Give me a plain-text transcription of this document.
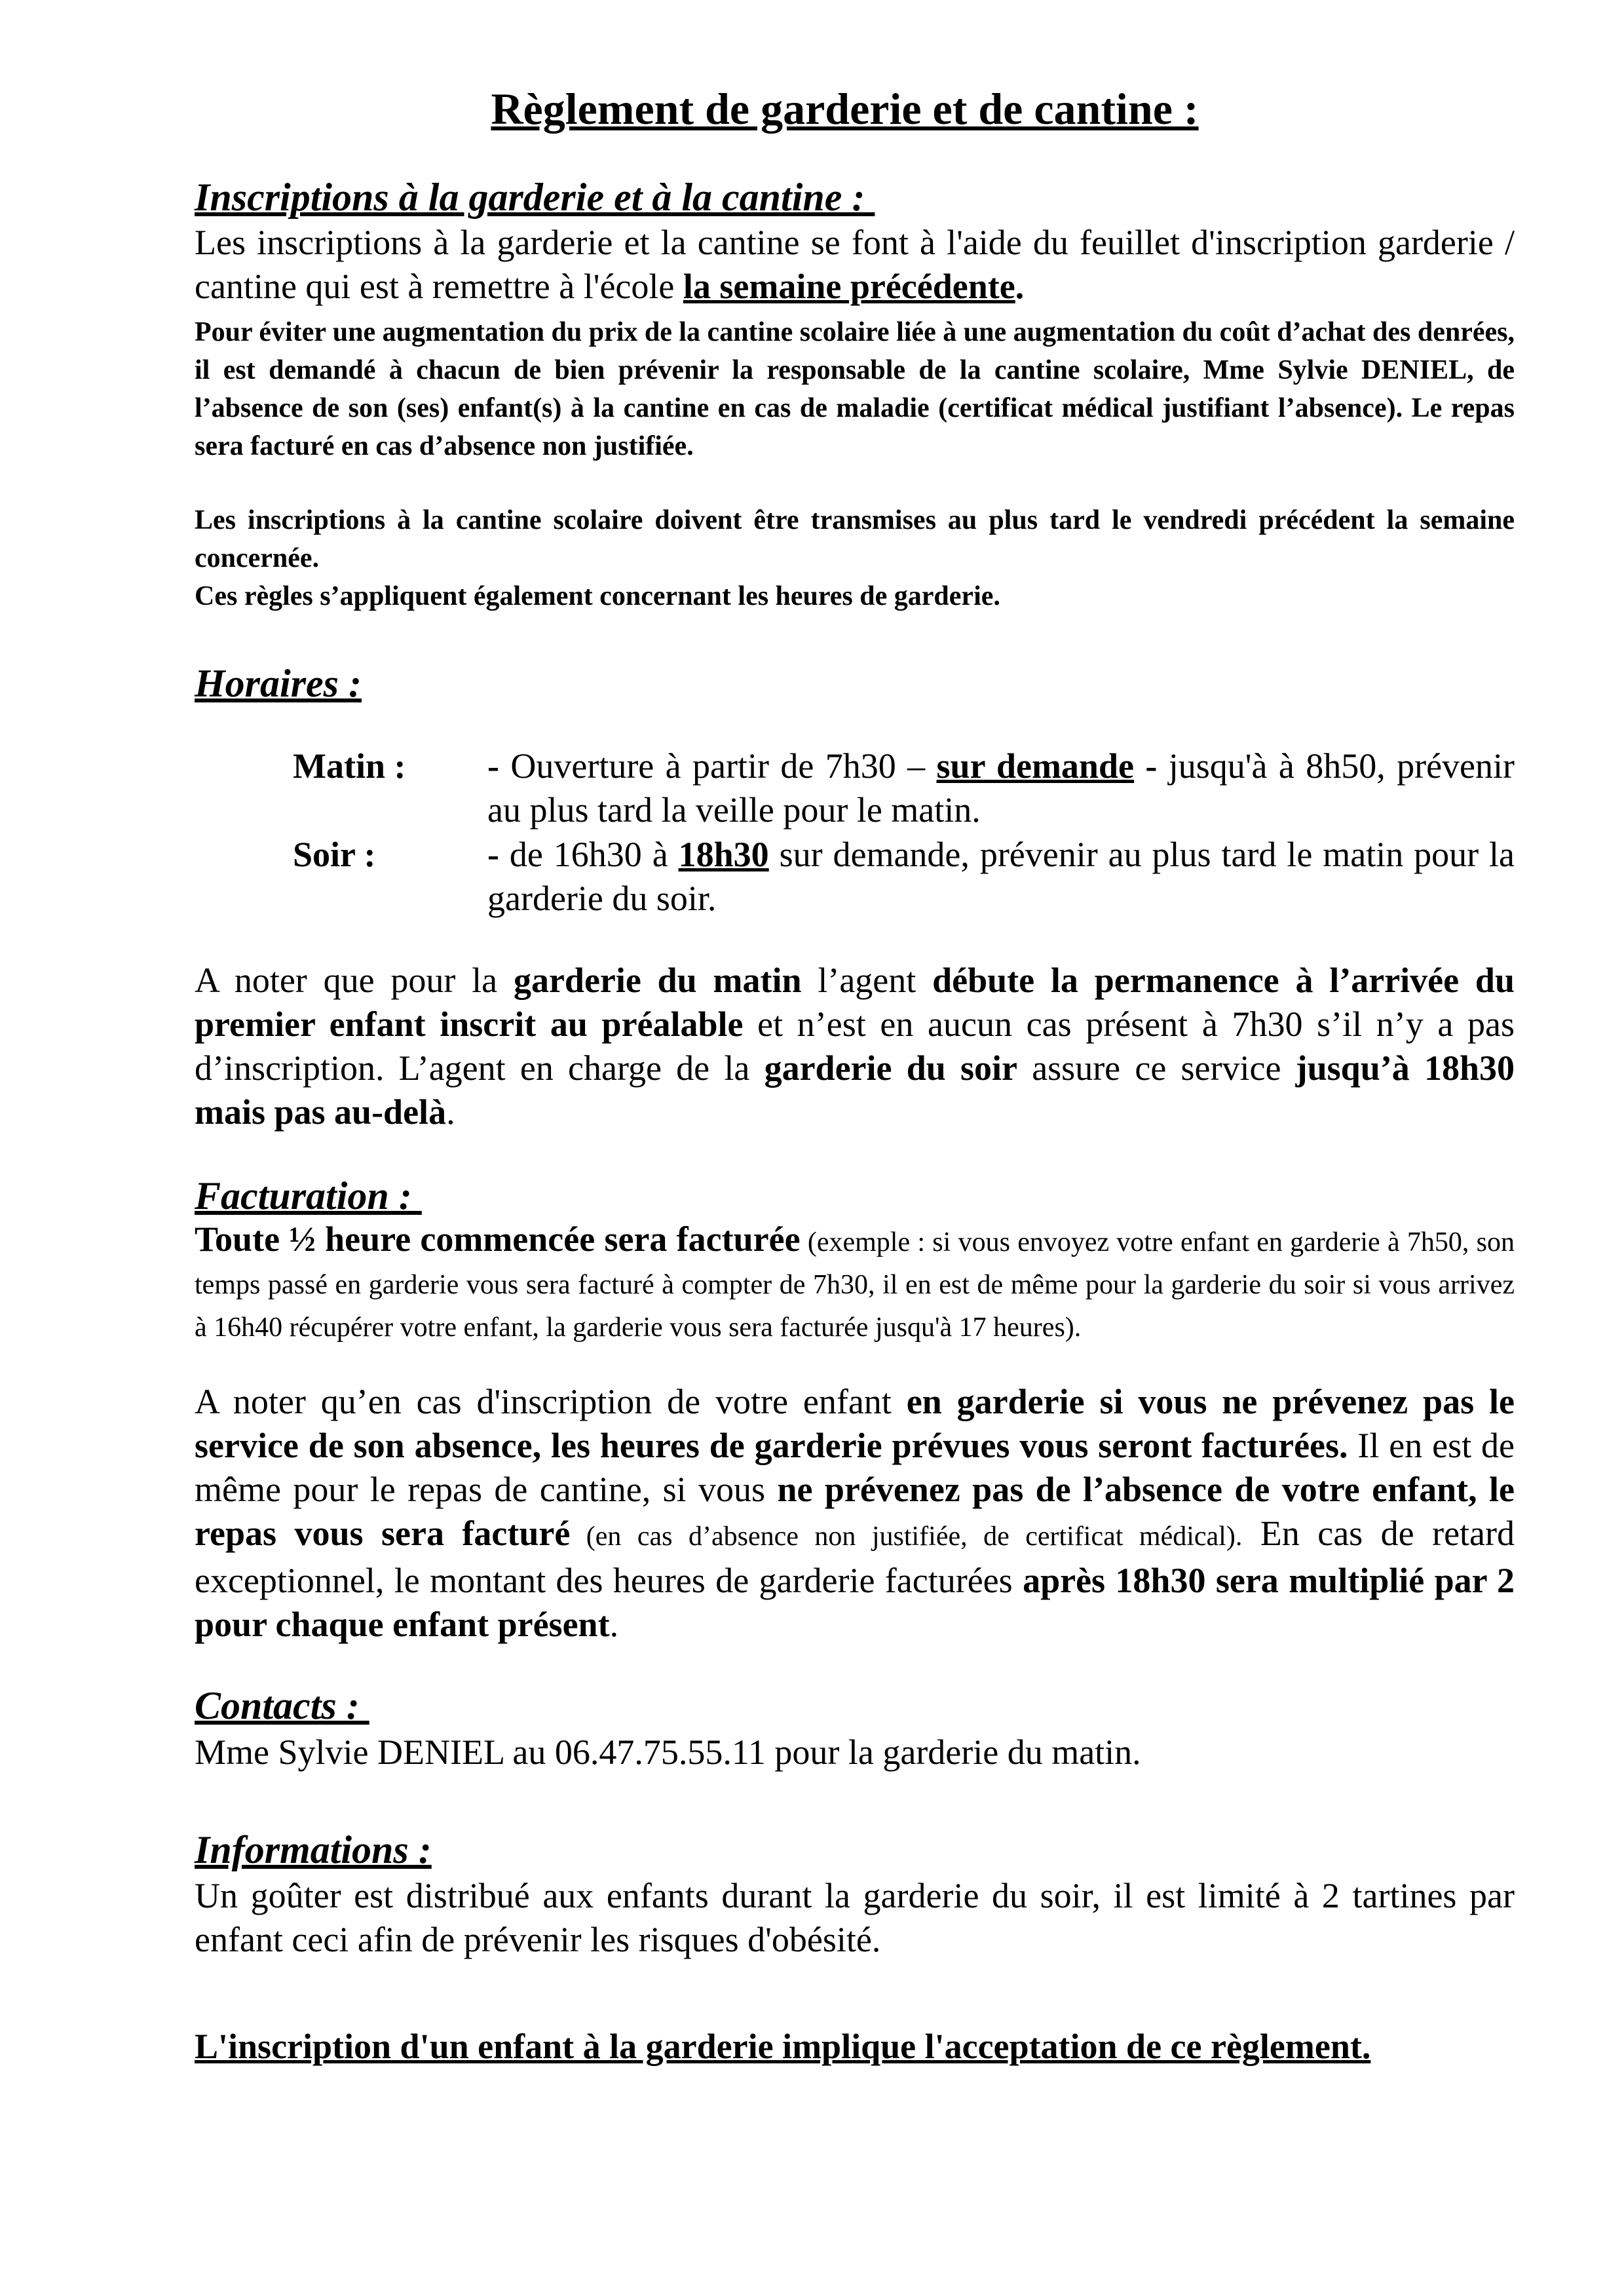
Règlement de garderie et de cantine :
Inscriptions à la garderie et à la cantine :

Les inscriptions à la garderie et la cantine se font à l'aide du feuillet d'inscription garderie / cantine qui est à remettre à l'école la semaine précédente.

Pour éviter une augmentation du prix de la cantine scolaire liée à une augmentation du coût d’achat des denrées, il est demandé à chacun de bien prévenir la responsable de la cantine scolaire, Mme Sylvie DENIEL, de l’absence de son (ses) enfant(s) à la cantine en cas de maladie (certificat médical justifiant l’absence). Le repas sera facturé en cas d’absence non justifiée.

Les inscriptions à la cantine scolaire doivent être transmises au plus tard le vendredi précédent la semaine concernée.

Ces règles s’appliquent également concernant les heures de garderie.

Horaires :

Matin : - Ouverture à partir de 7h30 – sur demande - jusqu'à à 8h50, prévenir au plus tard la veille pour le matin.

Soir :	- de 16h30 à 18h30 sur demande, prévenir au plus tard le matin pour la garderie du soir.

A noter que pour la garderie du matin l’agent débute la permanence à l’arrivée du premier enfant inscrit au préalable et n’est en aucun cas présent à 7h30 s’il n’y a pas d’inscription. L’agent en charge de la garderie du soir assure ce service jusqu’à 18h30 mais pas au-delà.

Facturation :

Toute ½ heure commencée sera facturée (exemple : si vous envoyez votre enfant en garderie à 7h50, son temps passé en garderie vous sera facturé à compter de 7h30, il en est de même pour la garderie du soir si vous arrivez à 16h40 récupérer votre enfant, la garderie vous sera facturée jusqu'à 17 heures).

A noter qu’en cas d'inscription de votre enfant en garderie si vous ne prévenez pas le service de son absence, les heures de garderie prévues vous seront facturées. Il en est de même pour le repas de cantine, si vous ne prévenez pas de l’absence de votre enfant, le repas vous sera facturé (en cas d’absence non justifiée, de certificat médical). En cas de retard exceptionnel, le montant des heures de garderie facturées après 18h30 sera multiplié par 2 pour chaque enfant présent.

Contacts :

Mme Sylvie DENIEL au 06.47.75.55.11 pour la garderie du matin.

Informations :

Un goûter est distribué aux enfants durant la garderie du soir, il est limité à 2 tartines par enfant ceci afin de prévenir les risques d'obésité.

L'inscription d'un enfant à la garderie implique l'acceptation de ce règlement.
